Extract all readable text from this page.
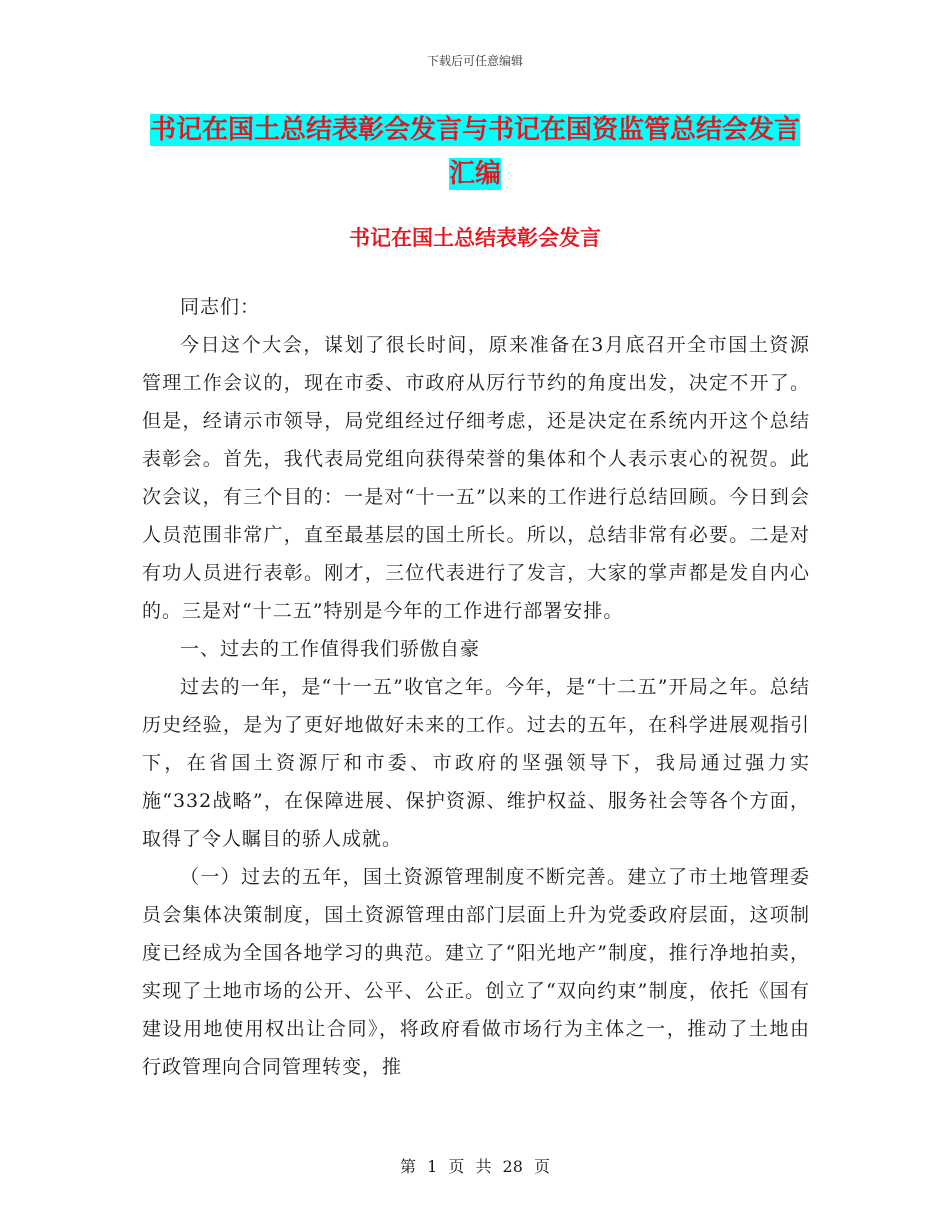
下载后可任意编辑
书记在国土总结表彰会发言与书记在国资监管总结会发言汇编
书记在国土总结表彰会发言

同志们：

今日这个大会，谋划了很长时间，原来准备在3月底召开全市国土资源管理工作会议的，现在市委、市政府从厉行节约的角度出发，决定不开了。但是，经请示市领导，局党组经过仔细考虑，还是决定在系统内开这个总结表彰会。首先，我代表局党组向获得荣誉的集体和个人表示衷心的祝贺。此次会议，有三个目的：一是对“十一五”以来的工作进行总结回顾。今日到会人员范围非常广，直至最基层的国土所长。所以，总结非常有必要。二是对有功人员进行表彰。刚才，三位代表进行了发言，大家的掌声都是发自内心的。三是对“十二五”特别是今年的工作进行部署安排。

一、过去的工作值得我们骄傲自豪

过去的一年，是“十一五”收官之年。今年，是“十二五”开局之年。总结历史经验，是为了更好地做好未来的工作。过去的五年，在科学进展观指引下，在省国土资源厅和市委、市政府的坚强领导下，我局通过强力实施“332战略”，在保障进展、保护资源、维护权益、服务社会等各个方面，取得了令人瞩目的骄人成就。

（一）过去的五年，国土资源管理制度不断完善。建立了市土地管理委员会集体决策制度，国土资源管理由部门层面上升为党委政府层面，这项制度已经成为全国各地学习的典范。建立了“阳光地产”制度，推行净地拍卖，实现了土地市场的公开、公平、公正。创立了“双向约束”制度，依托《国有建设用地使用权出让合同》，将政府看做市场行为主体之一，推动了土地由行政管理向合同管理转变，推

第 1 页 共 28 页
